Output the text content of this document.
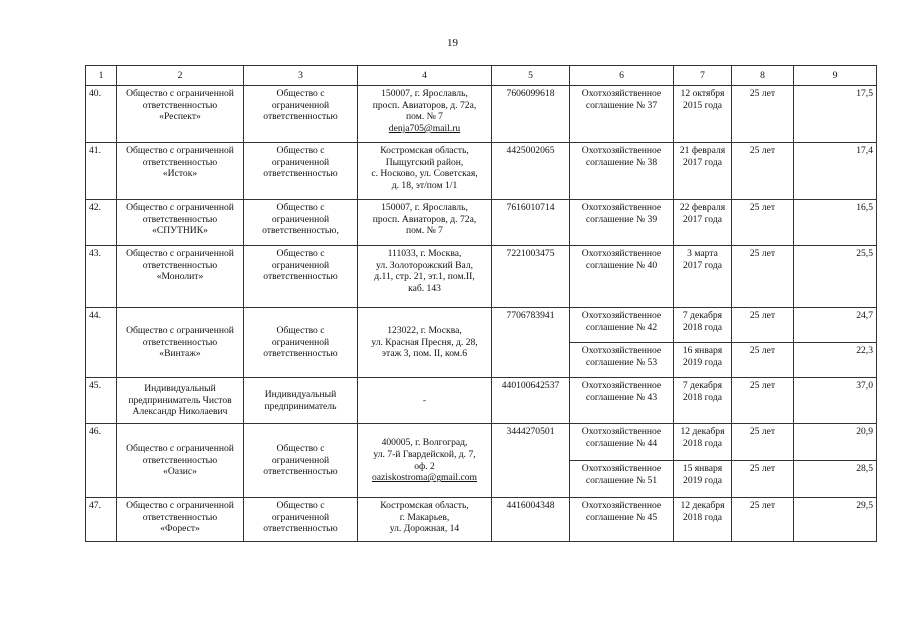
19
1	2	3	4	5	6	7	8	9
40.	Общество с ограниченной
ответственностью
«Респект»	Общество с
ограниченной
ответственностью	150007, г. Ярославль,
просп. Авиаторов, д. 72а,
пом. № 7
denja705@mail.ru	7606099618	Охотхозяйственное
соглашение № 37	12 октября
2015 года	25 лет	17,5
41.	Общество с ограниченной
ответственностью
«Исток»	Общество с
ограниченной
ответственностью	Костромская область,
Пыщугский район,
с. Носково, ул. Советская,
д. 18, эт/пом 1/1	4425002065	Охотхозяйственное
соглашение № 38	21 февраля
2017 года	25 лет	17,4
42.	Общество с ограниченной
ответственностью
«СПУТНИК»	Общество с
ограниченной
ответственностью,	150007, г. Ярославль,
просп. Авиаторов, д. 72а,
пом. № 7	7616010714	Охотхозяйственное
соглашение № 39	22 февраля
2017 года	25 лет	16,5
43.	Общество с ограниченной
ответственностью
«Монолит»	Общество с
ограниченной
ответственностью	111033, г. Москва,
ул. Золоторожский Вал,
д.11, стр. 21, эт.1, пом.II,
каб. 143	7221003475	Охотхозяйственное
соглашение № 40	3 марта
2017 года	25 лет	25,5
44.	Общество с ограниченной
ответственностью
«Винтаж»	Общество с
ограниченной
ответственностью	123022, г. Москва,
ул. Красная Пресня, д. 28,
этаж 3, пом. II, ком.6	7706783941	Охотхозяйственное
соглашение № 42	7 декабря
2018 года	25 лет	24,7

					Охотхозяйственное
соглашение № 53	16 января
2019 года	25 лет	22,3
45.	Индивидуальный
предприниматель Чистов
Александр Николаевич	Индивидуальный
предприниматель	-	440100642537	Охотхозяйственное
соглашение № 43	7 декабря
2018 года	25 лет	37,0
46.	Общество с ограниченной
ответственностью
«Оазис»	Общество с
ограниченной
ответственностью	400005, г. Волгоград,
ул. 7-й Гвардейской, д. 7,
оф. 2
oaziskostroma@gmail.com	3444270501	Охотхозяйственное
соглашение № 44	12 декабря
2018 года	25 лет	20,9

					Охотхозяйственное
соглашение № 51	15 января
2019 года	25 лет	28,5
47.	Общество с ограниченной
ответственностью
«Форест»	Общество с
ограниченной
ответственностью	Костромская область,
г. Макарьев,
ул. Дорожная, 14	4416004348	Охотхозяйственное
соглашение № 45	12 декабря
2018 года	25 лет	29,5
